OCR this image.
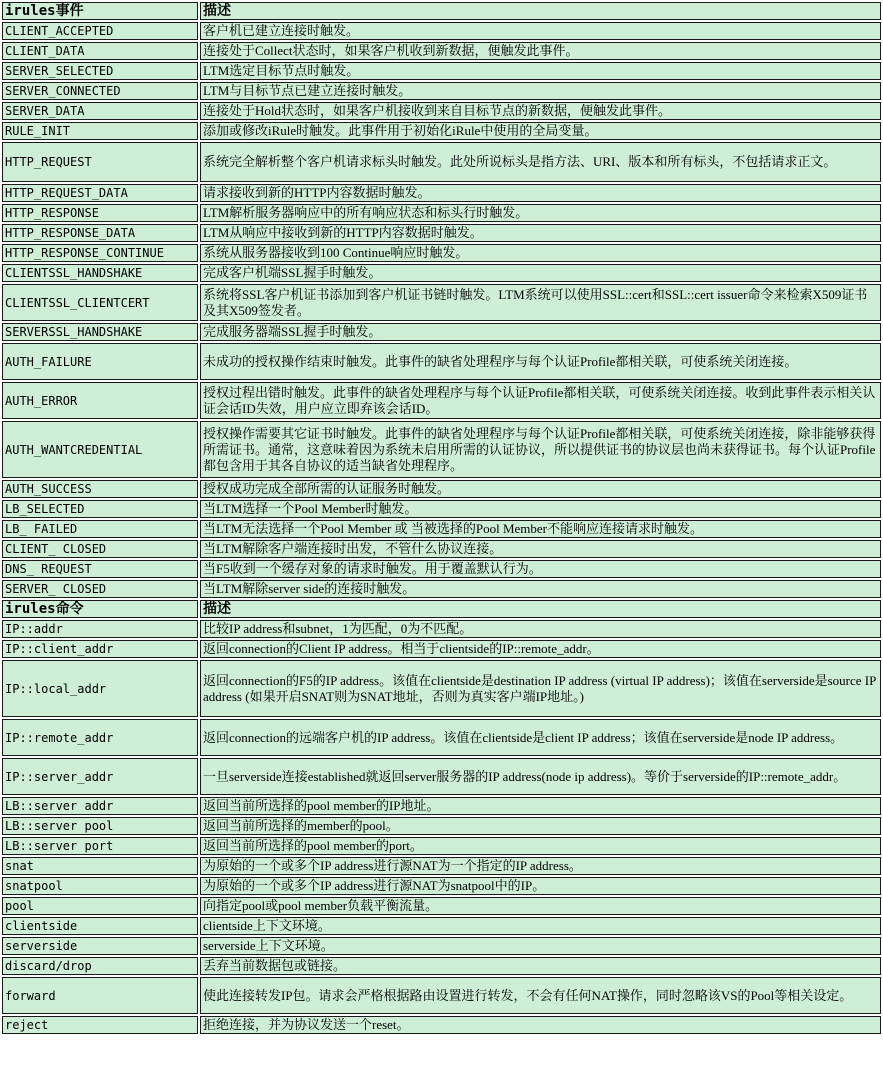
irules事件	描述
CLIENT_ACCEPTED	客户机已建立连接时触发。
CLIENT_DATA	连接处于Collect状态时，如果客户机收到新数据，便触发此事件。
SERVER_SELECTED	LTM选定目标节点时触发。
SERVER_CONNECTED	LTM与目标节点已建立连接时触发。
SERVER_DATA	连接处于Hold状态时，如果客户机接收到来自目标节点的新数据，便触发此事件。
RULE_INIT	添加或修改iRule时触发。此事件用于初始化iRule中使用的全局变量。
HTTP_REQUEST	系统完全解析整个客户机请求标头时触发。此处所说标头是指方法、URI、版本和所有标头，不包括请求正文。
HTTP_REQUEST_DATA	请求接收到新的HTTP内容数据时触发。
HTTP_RESPONSE	LTM解析服务器响应中的所有响应状态和标头行时触发。
HTTP_RESPONSE_DATA	LTM从响应中接收到新的HTTP内容数据时触发。
HTTP_RESPONSE_CONTINUE	系统从服务器接收到100 Continue响应时触发。
CLIENTSSL_HANDSHAKE	完成客户机端SSL握手时触发。
CLIENTSSL_CLIENTCERT	系统将SSL客户机证书添加到客户机证书链时触发。LTM系统可以使用SSL::cert和SSL::cert issuer命令来检索X509证书及其X509签发者。
SERVERSSL_HANDSHAKE	完成服务器端SSL握手时触发。
AUTH_FAILURE	未成功的授权操作结束时触发。此事件的缺省处理程序与每个认证Profile都相关联，可使系统关闭连接。
AUTH_ERROR	授权过程出错时触发。此事件的缺省处理程序与每个认证Profile都相关联，可使系统关闭连接。收到此事件表示相关认证会话ID失效，用户应立即弃该会话ID。
AUTH_WANTCREDENTIAL	授权操作需要其它证书时触发。此事件的缺省处理程序与每个认证Profile都相关联，可使系统关闭连接，除非能够获得所需证书。通常，这意味着因为系统未启用所需的认证协议，所以提供证书的协议层也尚未获得证书。每个认证Profile都包含用于其各自协议的适当缺省处理程序。
AUTH_SUCCESS	授权成功完成全部所需的认证服务时触发。
LB_SELECTED	当LTM选择一个Pool Member时触发。
LB_ FAILED	当LTM无法选择一个Pool Member 或 当被选择的Pool Member不能响应连接请求时触发。
CLIENT_ CLOSED	当LTM解除客户端连接时出发，不管什么协议连接。
DNS_ REQUEST	当F5收到一个缓存对象的请求时触发。用于覆盖默认行为。
SERVER_ CLOSED	当LTM解除server side的连接时触发。
irules命令	描述
IP::addr	比较IP address和subnet，1为匹配，0为不匹配。
IP::client_addr	返回connection的Client IP address。相当于clientside的IP::remote_addr。
IP::local_addr	返回connection的F5的IP address。该值在clientside是destination IP address (virtual IP address)；该值在serverside是source IP address (如果开启SNAT则为SNAT地址，否则为真实客户端IP地址。)
IP::remote_addr	返回connection的远端客户机的IP address。该值在clientside是client IP address；该值在serverside是node IP address。
IP::server_addr	一旦serverside连接established就返回server服务器的IP address(node ip address)。等价于serverside的IP::remote_addr。
LB::server addr	返回当前所选择的pool member的IP地址。
LB::server pool	返回当前所选择的member的pool。
LB::server port	返回当前所选择的pool member的port。
snat	为原始的一个或多个IP address进行源NAT为一个指定的IP address。
snatpool	为原始的一个或多个IP address进行源NAT为snatpool中的IP。
pool	向指定pool或pool member负载平衡流量。
clientside	clientside上下文环境。
serverside	serverside上下文环境。
discard/drop	丢弃当前数据包或链接。
forward	使此连接转发IP包。请求会严格根据路由设置进行转发，不会有任何NAT操作，同时忽略该VS的Pool等相关设定。
reject	拒绝连接，并为协议发送一个reset。
